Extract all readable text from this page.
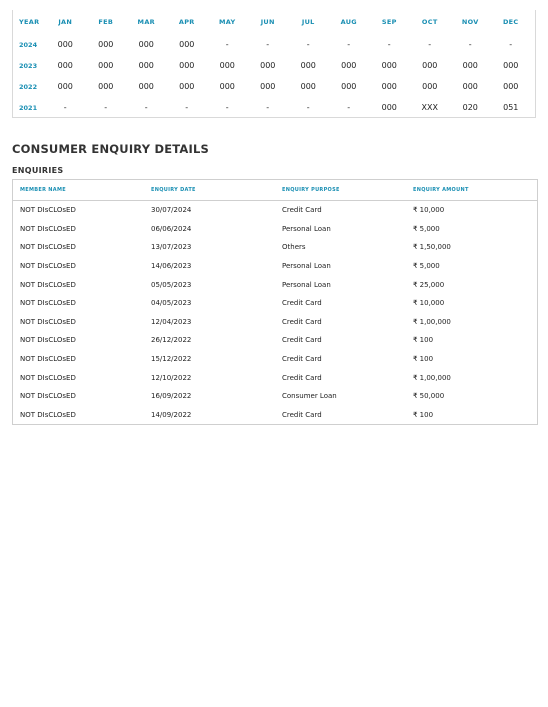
YEAR	JAN	FEB	MAR	APR	MAY	JUN	JUL	AUG	SEP	OCT	NOV	DEC
2024	000	000	000	000	-	-	-	-	-	-	-	-
2023	000	000	000	000	000	000	000	000	000	000	000	000
2022	000	000	000	000	000	000	000	000	000	000	000	000
2021	-	-	-	-	-	-	-	-	000	XXX	020	051
CONSUMER ENQUIRY DETAILS
ENQUIRIES
MEMBER NAME	ENQUIRY DATE	ENQUIRY PURPOSE	ENQUIRY AMOUNT
NOT DIsCLOsED	30/07/2024	Credit Card	₹ 10,000
NOT DIsCLOsED	06/06/2024	Personal Loan	₹ 5,000
NOT DIsCLOsED	13/07/2023	Others	₹ 1,50,000
NOT DIsCLOsED	14/06/2023	Personal Loan	₹ 5,000
NOT DIsCLOsED	05/05/2023	Personal Loan	₹ 25,000
NOT DIsCLOsED	04/05/2023	Credit Card	₹ 10,000
NOT DIsCLOsED	12/04/2023	Credit Card	₹ 1,00,000
NOT DIsCLOsED	26/12/2022	Credit Card	₹ 100
NOT DIsCLOsED	15/12/2022	Credit Card	₹ 100
NOT DIsCLOsED	12/10/2022	Credit Card	₹ 1,00,000
NOT DIsCLOsED	16/09/2022	Consumer Loan	₹ 50,000
NOT DIsCLOsED	14/09/2022	Credit Card	₹ 100
